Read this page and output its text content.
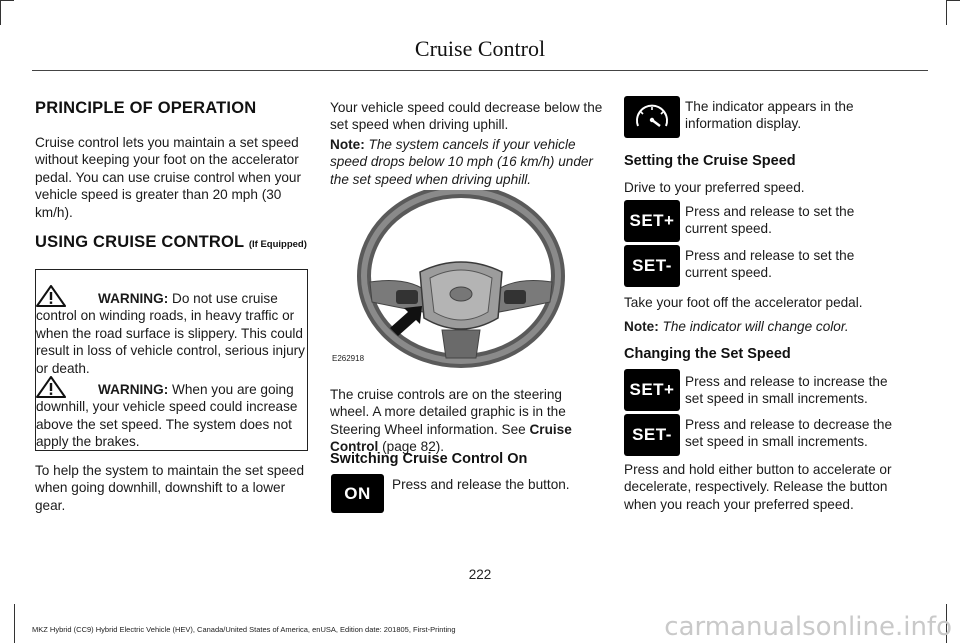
Cruise Control
PRINCIPLE OF OPERATION

Cruise control lets you maintain a set speed without keeping your foot on the accelerator pedal. You can use cruise control when your vehicle speed is greater than 20 mph (30 km/h).

USING CRUISE CONTROL (If Equipped)

WARNING: Do not use cruise control on winding roads, in heavy traffic or when the road surface is slippery. This could result in loss of vehicle control, serious injury or death.

WARNING: When you are going downhill, your vehicle speed could increase above the set speed. The system does not apply the brakes.

To help the system to maintain the set speed when going downhill, downshift to a lower gear.

Your vehicle speed could decrease below the set speed when driving uphill.

Note: The system cancels if your vehicle speed drops below 10 mph (16 km/h) under the set speed when driving uphill.

E262918

The cruise controls are on the steering wheel. A more detailed graphic is in the Steering Wheel information. See Cruise Control (page 82).

Switching Cruise Control On
ON	Press and release the button.

The indicator appears in the information display.

Setting the Cruise Speed

Drive to your preferred speed.

SET+ Press and release to set the current speed.

SET-

Press and release to set the current speed.

Take your foot off the accelerator pedal.

Note: The indicator will change color.

Changing the Set Speed
SET+ Press and release to increase the set speed in small increments.

SET-

Press and release to decrease the set speed in small increments.

Press and hold either button to accelerate or decelerate, respectively. Release the button when you reach your preferred speed.

222
MKZ Hybrid (CC9) Hybrid Electric Vehicle (HEV), Canada/United States of America, enUSA, Edition date: 201805, First-Printing	carmanualsonline.info
